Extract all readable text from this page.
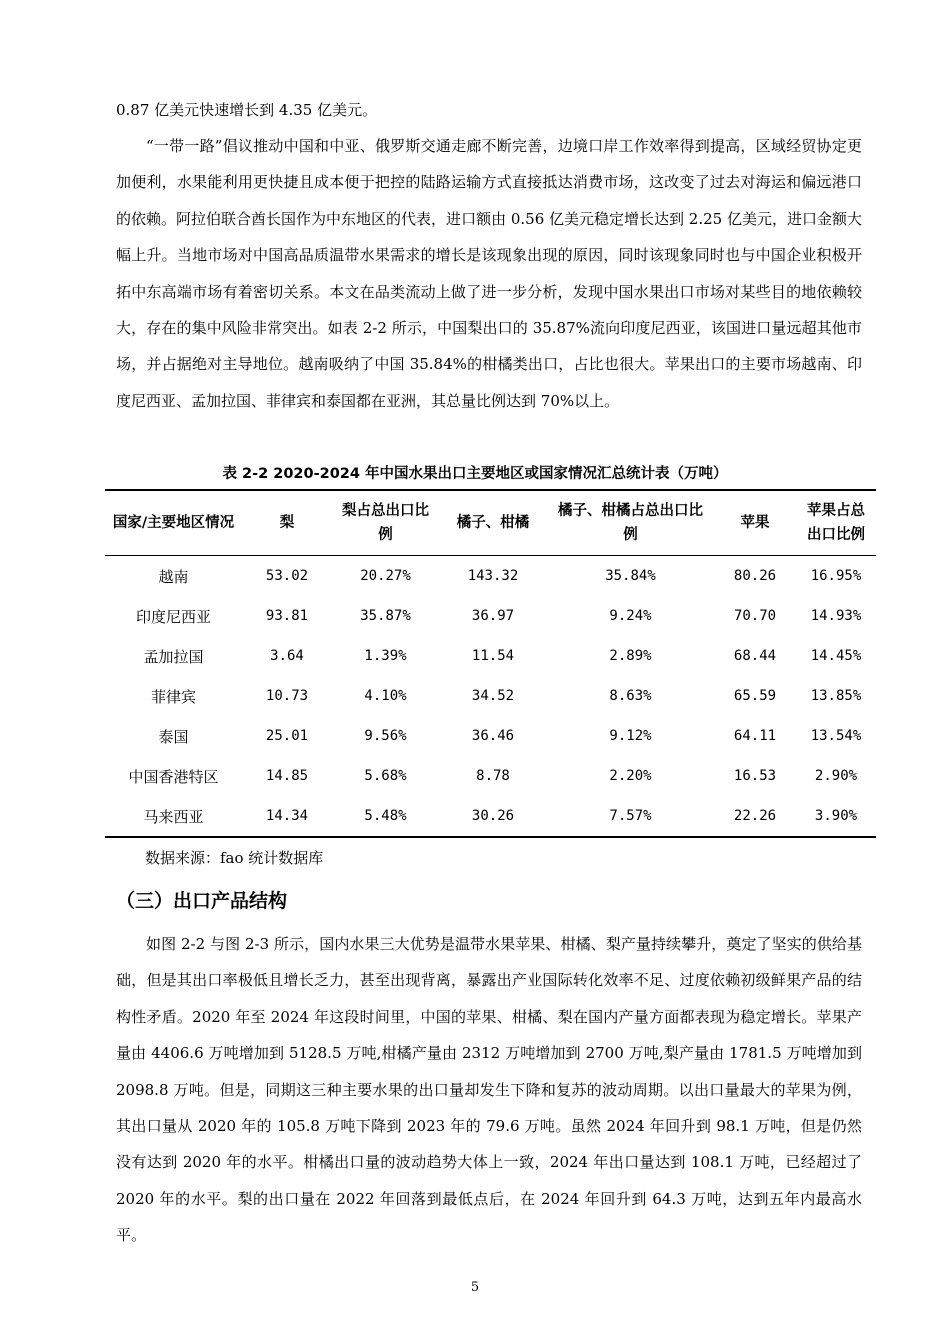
0.87 亿美元快速增长到 4.35 亿美元。

“一带一路”倡议推动中国和中亚、俄罗斯交通走廊不断完善，边境口岸工作效率得到提高，区域经贸协定更加便利，水果能利用更快捷且成本便于把控的陆路运输方式直接抵达消费市场，这改变了过去对海运和偏远港口的依赖。阿拉伯联合酋长国作为中东地区的代表，进口额由 0.56 亿美元稳定增长达到 2.25 亿美元，进口金额大幅上升。当地市场对中国高品质温带水果需求的增长是该现象出现的原因，同时该现象同时也与中国企业积极开拓中东高端市场有着密切关系。本文在品类流动上做了进一步分析，发现中国水果出口市场对某些目的地依赖较大，存在的集中风险非常突出。如表 2-2 所示，中国梨出口的 35.87%流向印度尼西亚，该国进口量远超其他市场，并占据绝对主导地位。越南吸纳了中国 35.84%的柑橘类出口，占比也很大。苹果出口的主要市场越南、印度尼西亚、孟加拉国、菲律宾和泰国都在亚洲，其总量比例达到 70%以上。

表 2-2 2020-2024 年中国水果出口主要地区或国家情况汇总统计表（万吨）

国家/主要地区情况	梨	梨占总出口比例	橘子、柑橘	橘子、柑橘占总出口比例	苹果	苹果占总出口比例
越南	53.02	20.27%	143.32	35.84%	80.26	16.95%
印度尼西亚	93.81	35.87%	36.97	9.24%	70.70	14.93%
孟加拉国	3.64	1.39%	11.54	2.89%	68.44	14.45%
菲律宾	10.73	4.10%	34.52	8.63%	65.59	13.85%
泰国	25.01	9.56%	36.46	9.12%	64.11	13.54%
中国香港特区	14.85	5.68%	8.78	2.20%	16.53	2.90%
马来西亚	14.34	5.48%	30.26	7.57%	22.26	3.90%

数据来源：fao 统计数据库

（三）出口产品结构

如图 2-2 与图 2-3 所示，国内水果三大优势是温带水果苹果、柑橘、梨产量持续攀升，奠定了坚实的供给基础，但是其出口率极低且增长乏力，甚至出现背离，暴露出产业国际转化效率不足、过度依赖初级鲜果产品的结构性矛盾。2020 年至 2024 年这段时间里，中国的苹果、柑橘、梨在国内产量方面都表现为稳定增长。苹果产量由 4406.6 万吨增加到 5128.5 万吨,柑橘产量由 2312 万吨增加到 2700 万吨,梨产量由 1781.5 万吨增加到 2098.8 万吨。但是，同期这三种主要水果的出口量却发生下降和复苏的波动周期。以出口量最大的苹果为例，其出口量从 2020 年的 105.8 万吨下降到 2023 年的 79.6 万吨。虽然 2024 年回升到 98.1 万吨，但是仍然没有达到 2020 年的水平。柑橘出口量的波动趋势大体上一致，2024 年出口量达到 108.1 万吨，已经超过了 2020 年的水平。梨的出口量在 2022 年回落到最低点后，在 2024 年回升到 64.3 万吨，达到五年内最高水平。

5
